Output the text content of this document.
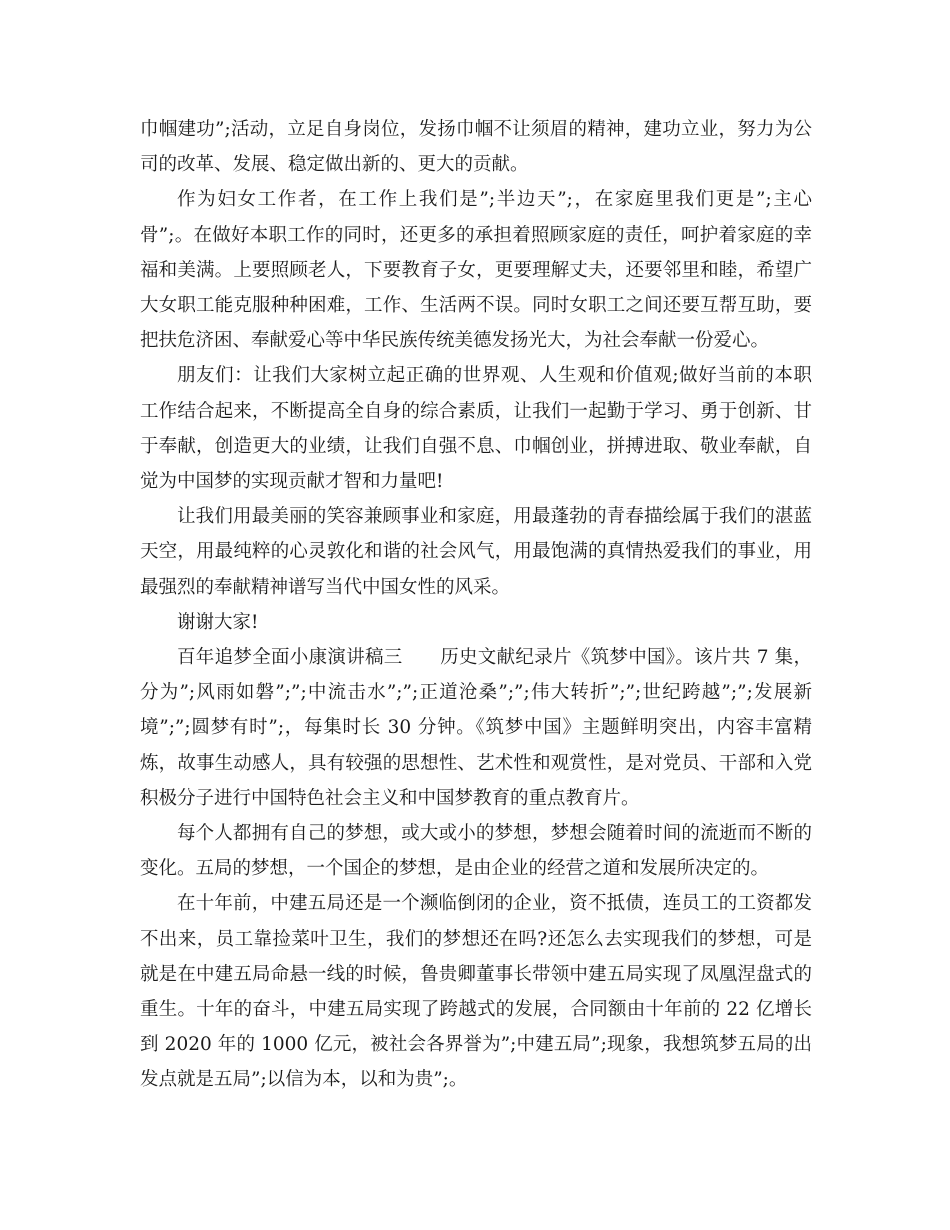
巾帼建功”;活动，立足自身岗位，发扬巾帼不让须眉的精神，建功立业，努力为公司的改革、发展、稳定做出新的、更大的贡献。

作为妇女工作者，在工作上我们是”;半边天”;，在家庭里我们更是”;主心骨”;。在做好本职工作的同时，还更多的承担着照顾家庭的责任，呵护着家庭的幸福和美满。上要照顾老人，下要教育子女，更要理解丈夫，还要邻里和睦，希望广大女职工能克服种种困难，工作、生活两不误。同时女职工之间还要互帮互助，要把扶危济困、奉献爱心等中华民族传统美德发扬光大，为社会奉献一份爱心。

朋友们：让我们大家树立起正确的世界观、人生观和价值观;做好当前的本职工作结合起来，不断提高全自身的综合素质，让我们一起勤于学习、勇于创新、甘于奉献，创造更大的业绩，让我们自强不息、巾帼创业，拼搏进取、敬业奉献，自觉为中国梦的实现贡献才智和力量吧!

让我们用最美丽的笑容兼顾事业和家庭，用最蓬勃的青春描绘属于我们的湛蓝天空，用最纯粹的心灵敦化和谐的社会风气，用最饱满的真情热爱我们的事业，用最强烈的奉献精神谱写当代中国女性的风采。

谢谢大家!

百年追梦全面小康演讲稿三　　历史文献纪录片《筑梦中国》。该片共 7 集，分为”;风雨如磐”;”;中流击水”;”;正道沧桑”;”;伟大转折”;”;世纪跨越”;”;发展新境”;”;圆梦有时”;，每集时长 30 分钟。《筑梦中国》主题鲜明突出，内容丰富精炼，故事生动感人，具有较强的思想性、艺术性和观赏性，是对党员、干部和入党积极分子进行中国特色社会主义和中国梦教育的重点教育片。

每个人都拥有自己的梦想，或大或小的梦想，梦想会随着时间的流逝而不断的变化。五局的梦想，一个国企的梦想，是由企业的经营之道和发展所决定的。

在十年前，中建五局还是一个濒临倒闭的企业，资不抵债，连员工的工资都发不出来，员工靠捡菜叶卫生，我们的梦想还在吗?还怎么去实现我们的梦想，可是就是在中建五局命悬一线的时候，鲁贵卿董事长带领中建五局实现了凤凰涅盘式的重生。十年的奋斗，中建五局实现了跨越式的发展，合同额由十年前的 22 亿增长到 2020 年的 1000 亿元，被社会各界誉为”;中建五局”;现象，我想筑梦五局的出发点就是五局”;以信为本，以和为贵”;。
